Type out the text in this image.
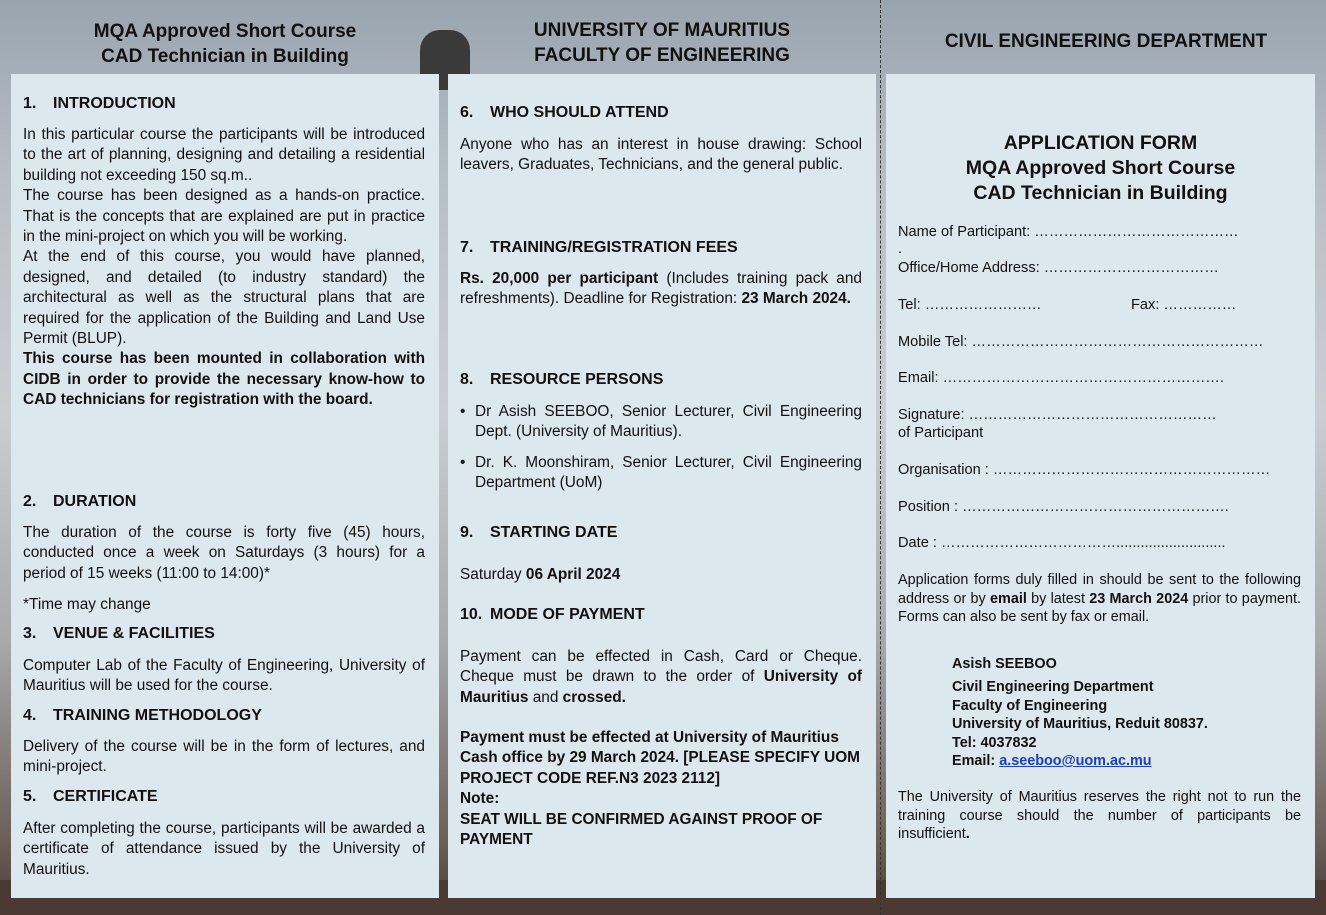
MQA Approved Short Course
CAD Technician in Building
UNIVERSITY OF MAURITIUS
FACULTY OF ENGINEERING
CIVIL ENGINEERING DEPARTMENT
1. INTRODUCTION
In this particular course the participants will be introduced to the art of planning, designing and detailing a residential building not exceeding 150 sq.m..
The course has been designed as a hands-on practice. That is the concepts that are explained are put in practice in the mini-project on which you will be working.
At the end of this course, you would have planned, designed, and detailed (to industry standard) the architectural as well as the structural plans that are required for the application of the Building and Land Use Permit (BLUP).
This course has been mounted in collaboration with CIDB in order to provide the necessary know-how to CAD technicians for registration with the board.
2. DURATION
The duration of the course is forty five (45) hours, conducted once a week on Saturdays (3 hours) for a period of 15 weeks (11:00 to 14:00)*
*Time may change
3. VENUE & FACILITIES
Computer Lab of the Faculty of Engineering, University of Mauritius will be used for the course.
4. TRAINING METHODOLOGY
Delivery of the course will be in the form of lectures, and mini-project.
5. CERTIFICATE
After completing the course, participants will be awarded a certificate of attendance issued by the University of Mauritius.
6. WHO SHOULD ATTEND
Anyone who has an interest in house drawing: School leavers, Graduates, Technicians, and the general public.
7. TRAINING/REGISTRATION FEES
Rs. 20,000 per participant (Includes training pack and refreshments). Deadline for Registration: 23 March 2024.
8. RESOURCE PERSONS
• Dr Asish SEEBOO, Senior Lecturer, Civil Engineering Dept. (University of Mauritius).
• Dr. K. Moonshiram, Senior Lecturer, Civil Engineering Department (UoM)
9. STARTING DATE
Saturday 06 April 2024
10. MODE OF PAYMENT
Payment can be effected in Cash, Card or Cheque. Cheque must be drawn to the order of University of Mauritius and crossed.
Payment must be effected at University of Mauritius Cash office by 29 March 2024. [PLEASE SPECIFY UOM PROJECT CODE REF.N3 2023 2112]
Note:
SEAT WILL BE CONFIRMED AGAINST PROOF OF PAYMENT
APPLICATION FORM
MQA Approved Short Course
CAD Technician in Building
Name of Participant: ……………………………………
.
Office/Home Address: ………………………………
Tel: ……………………	Fax: ……………
Mobile Tel: ……………………………………………………
Email: ………………………………………………….
Signature: ……………………………………………
of Participant
Organisation : …………………………………………………
Position : ……………………………………………….
Date : ………………………………...........................
Application forms duly filled in should be sent to the following address or by email by latest 23 March 2024 prior to payment. Forms can also be sent by fax or email.
Asish SEEBOO
Civil Engineering Department
Faculty of Engineering
University of Mauritius, Reduit 80837.
Tel: 4037832
Email: a.seeboo@uom.ac.mu
The University of Mauritius reserves the right not to run the training course should the number of participants be insufficient.
